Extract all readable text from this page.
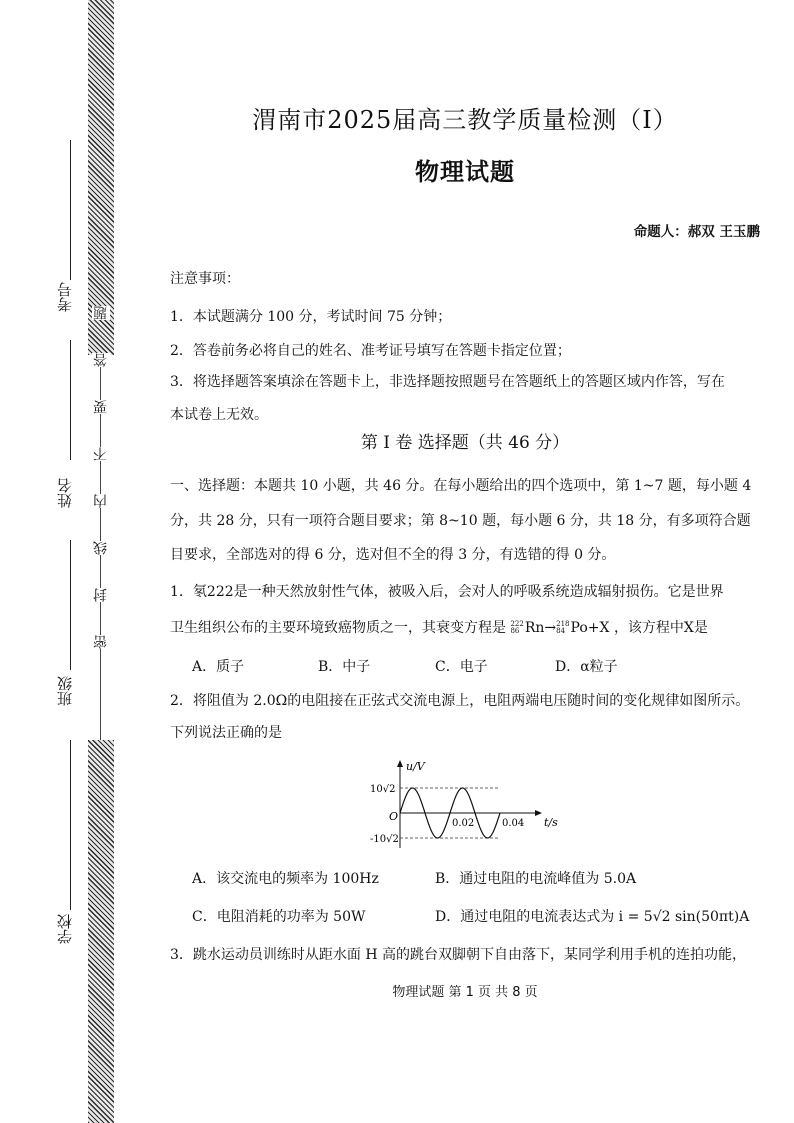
密
封
线
内
不
要
答
题
考号
姓名
班级
学校
渭南市2025届高三教学质量检测（I）
物理试题
命题人：郝双 王玉鹏
注意事项：
1．本试题满分 100 分，考试时间 75 分钟；
2．答卷前务必将自己的姓名、准考证号填写在答题卡指定位置；
3．将选择题答案填涂在答题卡上，非选择题按照题号在答题纸上的答题区域内作答，写在
本试卷上无效。
第 I 卷 选择题（共 46 分）
一、选择题：本题共 10 小题，共 46 分。在每小题给出的四个选项中，第 1~7 题，每小题 4
分，共 28 分，只有一项符合题目要求；第 8~10 题，每小题 6 分，共 18 分，有多项符合题
目要求，全部选对的得 6 分，选对但不全的得 3 分，有选错的得 0 分。
1．氡222是一种天然放射性气体，被吸入后，会对人的呼吸系统造成辐射损伤。它是世界
卫生组织公布的主要环境致癌物质之一，其衰变方程是 222
86 Rn→ 218
84 Po+X ，该方程中X是
A．质子	B．中子	C．电子	D．α粒子
2．将阻值为 2.0Ω的电阻接在正弦式交流电源上，电阻两端电压随时间的变化规律如图所示。
下列说法正确的是
u/V
t/s
O
10√2
-10√2
0.02	0.04
A．该交流电的频率为 100Hz	B．通过电阻的电流峰值为 5.0A
C．电阻消耗的功率为 50W	D．通过电阻的电流表达式为 i = 5√2 sin(50πt)A
3．跳水运动员训练时从距水面 H 高的跳台双脚朝下自由落下，某同学利用手机的连拍功能，
物理试题 第 1 页 共 8 页
